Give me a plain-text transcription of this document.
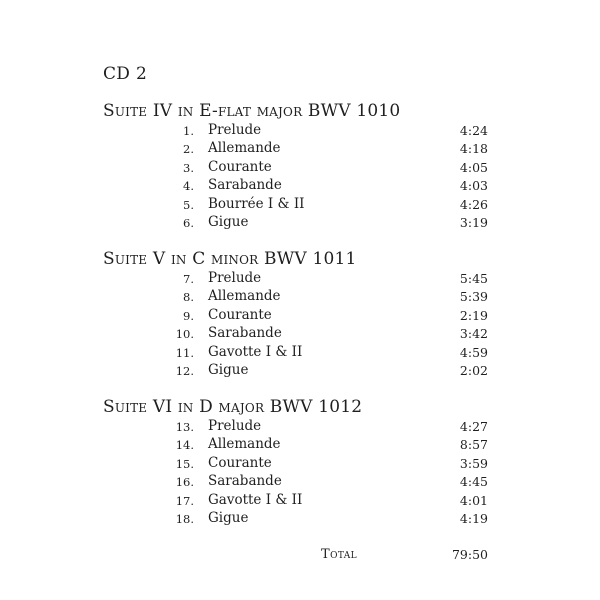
CD 2
Suite IV in E-flat major BWV 1010
1. Prelude	4:24
2. Allemande	4:18
3. Courante	4:05
4. Sarabande	4:03
5. Bourrée I & II	4:26
6. Gigue	3:19
Suite V in C minor BWV 1011
7. Prelude	5:45
8. Allemande	5:39
9. Courante	2:19
10. Sarabande	3:42
11. Gavotte I & II	4:59
12. Gigue	2:02
Suite VI in D major BWV 1012
13. Prelude	4:27
14. Allemande	8:57
15. Courante	3:59
16. Sarabande	4:45
17. Gavotte I & II	4:01
18. Gigue	4:19
Total	79:50
